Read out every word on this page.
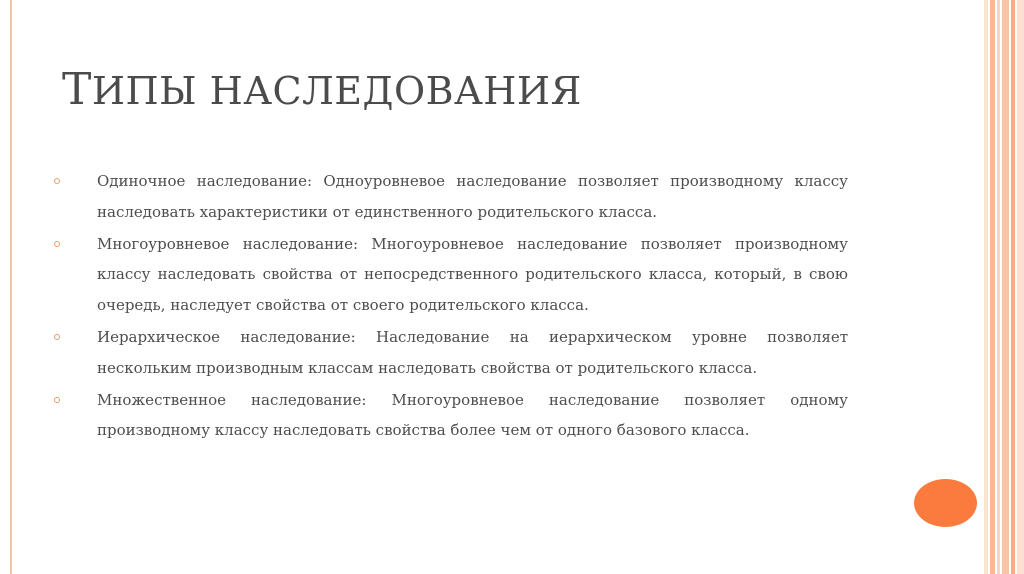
ТИПЫ НАСЛЕДОВАНИЯ
Одиночное наследование: Одноуровневое наследование позволяет производному классу наследовать характеристики от единственного родительского класса.
Многоуровневое наследование: Многоуровневое наследование позволяет производному классу наследовать свойства от непосредственного родительского класса, который, в свою очередь, наследует свойства от своего родительского класса.
Иерархическое наследование: Наследование на иерархическом уровне позволяет нескольким производным классам наследовать свойства от родительского класса.
Множественное наследование: Многоуровневое наследование позволяет одному производному классу наследовать свойства более чем от одного базового класса.
